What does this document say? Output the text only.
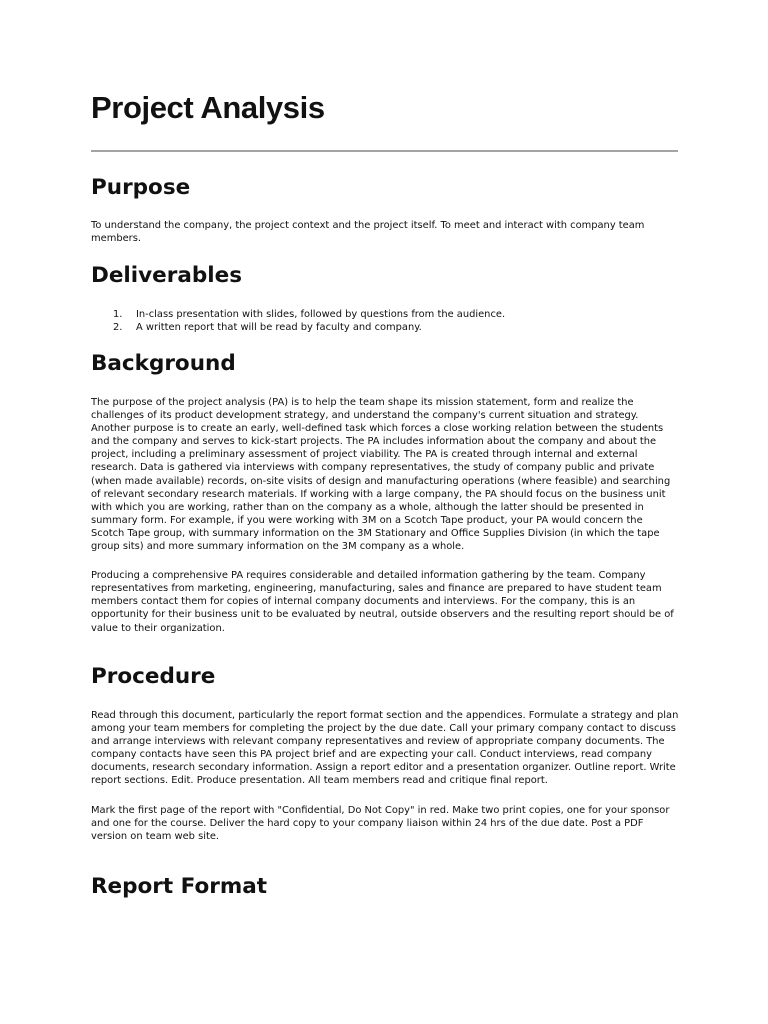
Project Analysis
Purpose

To understand the company, the project context and the project itself. To meet and interact with company team members.

Deliverables
1. In-class presentation with slides, followed by questions from the audience.
2. A written report that will be read by faculty and company.
Background

The purpose of the project analysis (PA) is to help the team shape its mission statement, form and realize the challenges of its product development strategy, and understand the company's current situation and strategy. Another purpose is to create an early, well-defined task which forces a close working relation between the students and the company and serves to kick-start projects. The PA includes information about the company and about the project, including a preliminary assessment of project viability. The PA is created through internal and external research. Data is gathered via interviews with company representatives, the study of company public and private (when made available) records, on-site visits of design and manufacturing operations (where feasible) and searching of relevant secondary research materials. If working with a large company, the PA should focus on the business unit with which you are working, rather than on the company as a whole, although the latter should be presented in summary form. For example, if you were working with 3M on a Scotch Tape product, your PA would concern the Scotch Tape group, with summary information on the 3M Stationary and Office Supplies Division (in which the tape group sits) and more summary information on the 3M company as a whole.

Producing a comprehensive PA requires considerable and detailed information gathering by the team. Company representatives from marketing, engineering, manufacturing, sales and finance are prepared to have student team members contact them for copies of internal company documents and interviews. For the company, this is an opportunity for their business unit to be evaluated by neutral, outside observers and the resulting report should be of value to their organization.

Procedure

Read through this document, particularly the report format section and the appendices. Formulate a strategy and plan among your team members for completing the project by the due date. Call your primary company contact to discuss and arrange interviews with relevant company representatives and review of appropriate company documents. The company contacts have seen this PA project brief and are expecting your call. Conduct interviews, read company documents, research secondary information. Assign a report editor and a presentation organizer. Outline report. Write report sections. Edit. Produce presentation. All team members read and critique final report.

Mark the first page of the report with "Confidential, Do Not Copy" in red. Make two print copies, one for your sponsor and one for the course. Deliver the hard copy to your company liaison within 24 hrs of the due date. Post a PDF version on team web site.

Report Format
